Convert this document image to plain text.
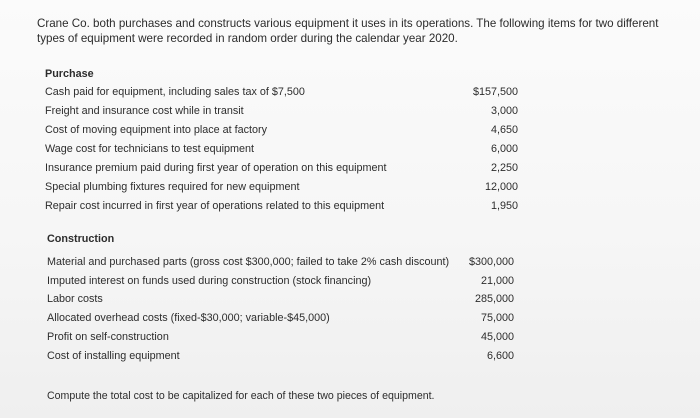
Crane Co. both purchases and constructs various equipment it uses in its operations. The following items for two different types of equipment were recorded in random order during the calendar year 2020.
Purchase
Cash paid for equipment, including sales tax of $7,500	$157,500
Freight and insurance cost while in transit	3,000
Cost of moving equipment into place at factory	4,650
Wage cost for technicians to test equipment	6,000
Insurance premium paid during first year of operation on this equipment	2,250
Special plumbing fixtures required for new equipment	12,000
Repair cost incurred in first year of operations related to this equipment	1,950
Construction
Material and purchased parts (gross cost $300,000; failed to take 2% cash discount)	$300,000
Imputed interest on funds used during construction (stock financing)	21,000
Labor costs	285,000
Allocated overhead costs (fixed-$30,000; variable-$45,000)	75,000
Profit on self-construction	45,000
Cost of installing equipment	6,600
Compute the total cost to be capitalized for each of these two pieces of equipment.
